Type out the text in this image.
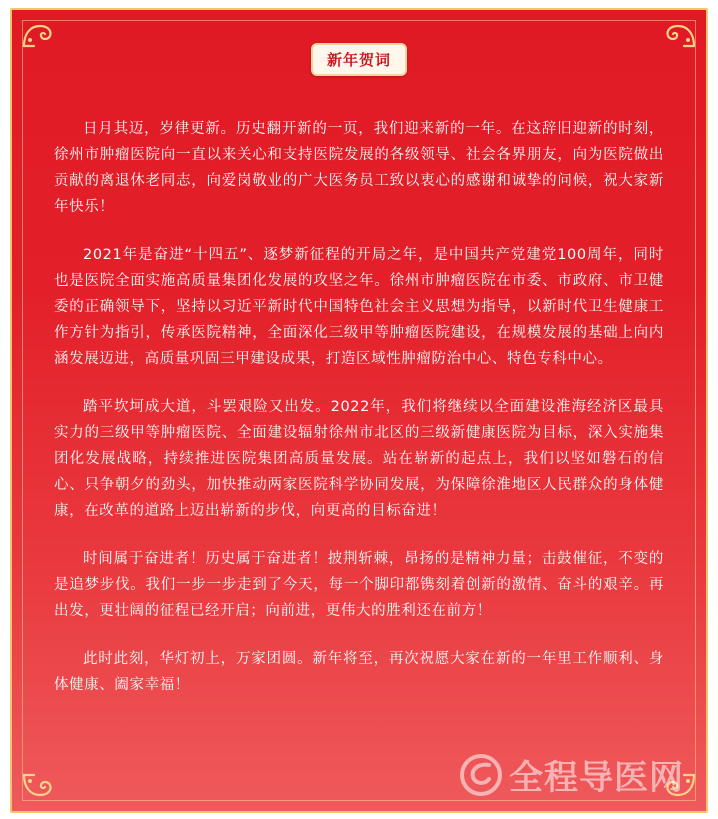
新年贺词

日月其迈，岁律更新。历史翻开新的一页，我们迎来新的一年。在这辞旧迎新的时刻，徐州市肿瘤医院向一直以来关心和支持医院发展的各级领导、社会各界朋友，向为医院做出贡献的离退休老同志，向爱岗敬业的广大医务员工致以衷心的感谢和诚挚的问候，祝大家新年快乐！

2021年是奋进“十四五”、逐梦新征程的开局之年，是中国共产党建党100周年，同时也是医院全面实施高质量集团化发展的攻坚之年。徐州市肿瘤医院在市委、市政府、市卫健委的正确领导下，坚持以习近平新时代中国特色社会主义思想为指导，以新时代卫生健康工作方针为指引，传承医院精神，全面深化三级甲等肿瘤医院建设，在规模发展的基础上向内涵发展迈进，高质量巩固三甲建设成果，打造区域性肿瘤防治中心、特色专科中心。

踏平坎坷成大道，斗罢艰险又出发。2022年，我们将继续以全面建设淮海经济区最具实力的三级甲等肿瘤医院、全面建设辐射徐州市北区的三级新健康医院为目标，深入实施集团化发展战略，持续推进医院集团高质量发展。站在崭新的起点上，我们以坚如磐石的信心、只争朝夕的劲头，加快推动两家医院科学协同发展，为保障徐淮地区人民群众的身体健康，在改革的道路上迈出崭新的步伐，向更高的目标奋进！

时间属于奋进者！历史属于奋进者！披荆斩棘，昂扬的是精神力量；击鼓催征，不变的是追梦步伐。我们一步一步走到了今天，每一个脚印都镌刻着创新的激情、奋斗的艰辛。再出发，更壮阔的征程已经开启；向前进，更伟大的胜利还在前方！

此时此刻，华灯初上，万家团圆。新年将至，再次祝愿大家在新的一年里工作顺利、身体健康、阖家幸福！

全程导医网
